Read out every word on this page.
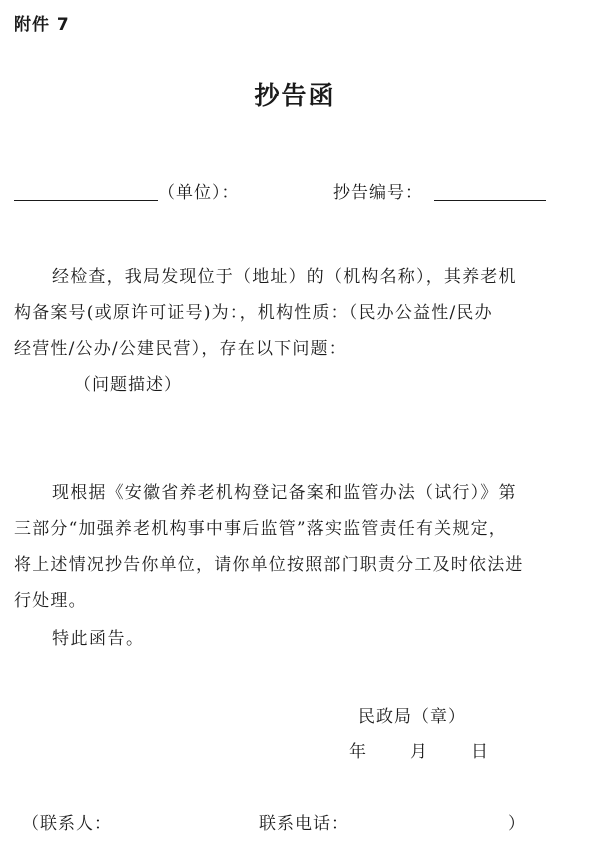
附件 7
抄告函
（单位）：	抄告编号：
经检查，我局发现位于（地址）的（机构名称），其养老机
构备案号(或原许可证号)为：，机构性质：（民办公益性/民办
经营性/公办/公建民营），存在以下问题：
（问题描述）
现根据《安徽省养老机构登记备案和监管办法（试行）》第
三部分“加强养老机构事中事后监管”落实监管责任有关规定，
将上述情况抄告你单位，请你单位按照部门职责分工及时依法进
行处理。
特此函告。
民政局（章）
年	月	日
（联系人：	联系电话：	）
